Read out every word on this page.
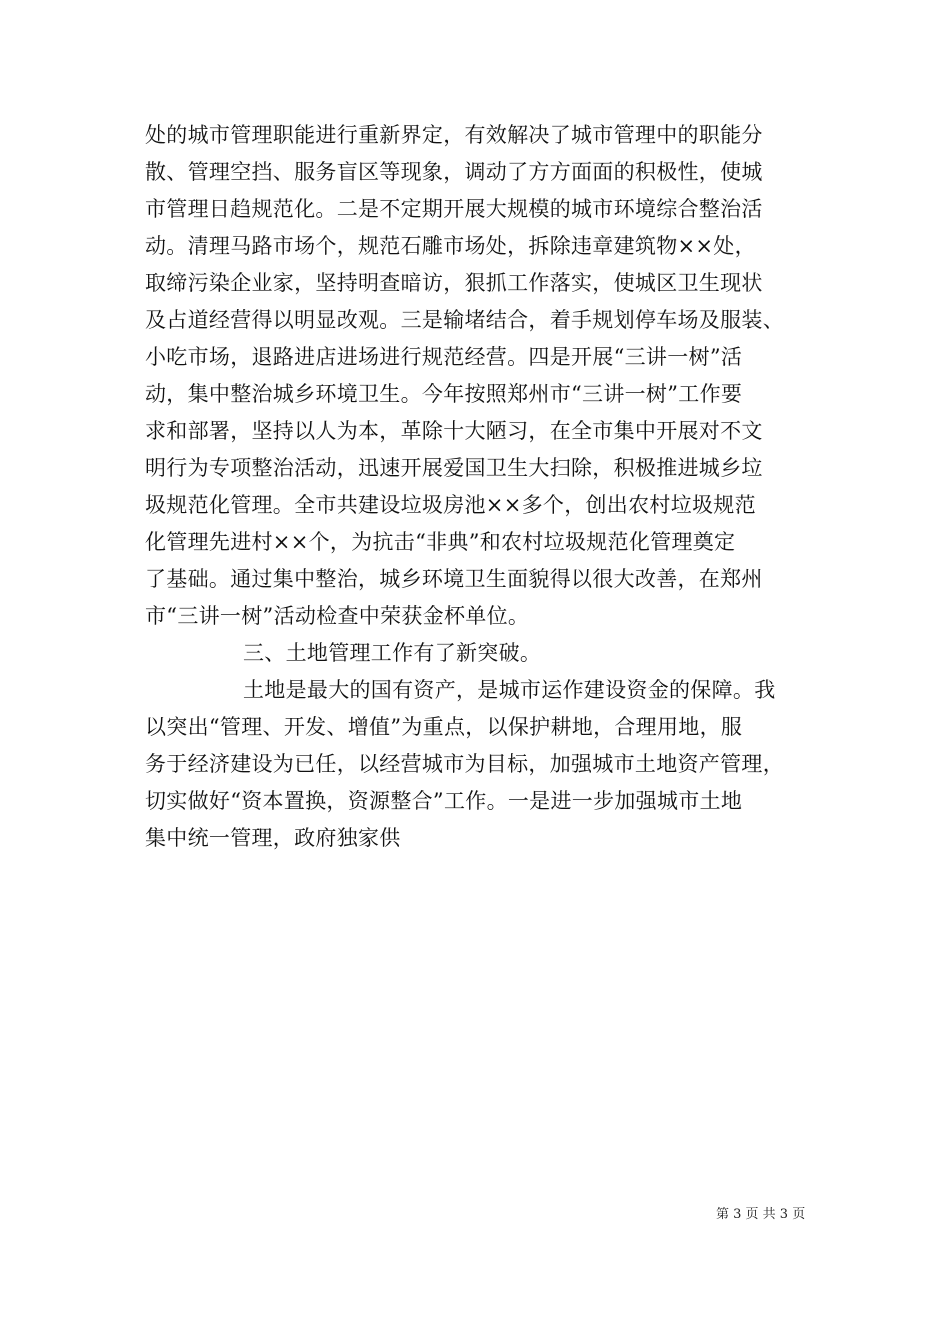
处的城市管理职能进行重新界定，有效解决了城市管理中的职能分
散、管理空挡、服务盲区等现象，调动了方方面面的积极性，使城
市管理日趋规范化。二是不定期开展大规模的城市环境综合整治活
动。清理马路市场个，规范石雕市场处，拆除违章建筑物××处，
取缔污染企业家，坚持明查暗访，狠抓工作落实，使城区卫生现状
及占道经营得以明显改观。三是输堵结合，着手规划停车场及服装、
小吃市场，退路进店进场进行规范经营。四是开展“三讲一树”活
动，集中整治城乡环境卫生。今年按照郑州市“三讲一树”工作要
求和部署，坚持以人为本，革除十大陋习，在全市集中开展对不文
明行为专项整治活动，迅速开展爱国卫生大扫除，积极推进城乡垃
圾规范化管理。全市共建设垃圾房池××多个，创出农村垃圾规范
化管理先进村××个，为抗击“非典”和农村垃圾规范化管理奠定
了基础。通过集中整治，城乡环境卫生面貌得以很大改善，在郑州
市“三讲一树”活动检查中荣获金杯单位。
三、土地管理工作有了新突破。
土地是最大的国有资产，是城市运作建设资金的保障。我
以突出“管理、开发、增值”为重点，以保护耕地，合理用地，服
务于经济建设为已任，以经营城市为目标，加强城市土地资产管理，
切实做好“资本置换，资源整合”工作。一是进一步加强城市土地
集中统一管理，政府独家供
第 3 页 共 3 页
